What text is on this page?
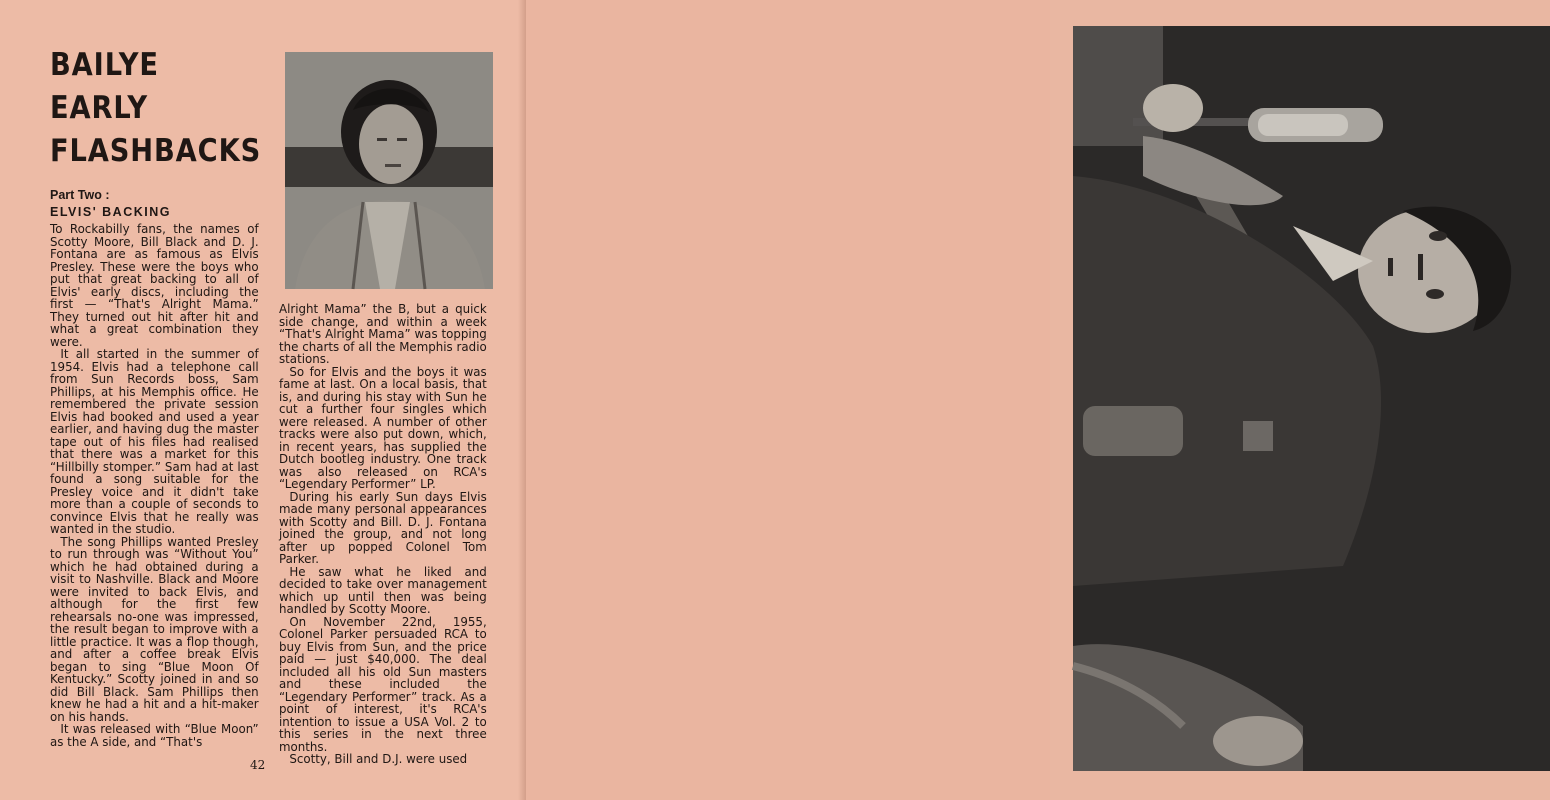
BAILYE
EARLY
FLASHBACKS
Part Two :
ELVIS' BACKING

To Rockabilly fans, the names of Scotty Moore, Bill Black and D. J. Fontana are as famous as Elvis Presley. These were the boys who put that great backing to all of Elvis' early discs, including the first — “That's Alright Mama.” They turned out hit after hit and what a great combination they were.

It all started in the summer of 1954. Elvis had a telephone call from Sun Records boss, Sam Phillips, at his Memphis office. He remembered the private session Elvis had booked and used a year earlier, and having dug the master tape out of his files had realised that there was a market for this “Hillbilly stomper.” Sam had at last found a song suitable for the Presley voice and it didn't take more than a couple of seconds to convince Elvis that he really was wanted in the studio.

The song Phillips wanted Presley to run through was “Without You” which he had obtained during a visit to Nashville. Black and Moore were invited to back Elvis, and although for the first few rehearsals no-one was impressed, the result began to improve with a little practice. It was a flop though, and after a coffee break Elvis began to sing “Blue Moon Of Kentucky.” Scotty joined in and so did Bill Black. Sam Phillips then knew he had a hit and a hit-maker on his hands.

It was released with “Blue Moon” as the A side, and “That's

Alright Mama” the B, but a quick side change, and within a week “That's Alright Mama” was topping the charts of all the Memphis radio stations.

So for Elvis and the boys it was fame at last. On a local basis, that is, and during his stay with Sun he cut a further four singles which were released. A number of other tracks were also put down, which, in recent years, has supplied the Dutch bootleg industry. One track was also released on RCA's “Legendary Performer” LP.

During his early Sun days Elvis made many personal appearances with Scotty and Bill. D. J. Fontana joined the group, and not long after up popped Colonel Tom Parker.

He saw what he liked and decided to take over management which up until then was being handled by Scotty Moore.

On November 22nd, 1955, Colonel Parker persuaded RCA to buy Elvis from Sun, and the price paid — just $40,000. The deal included all his old Sun masters and these included the “Legendary Performer” track. As a point of interest, it's RCA's intention to issue a USA Vol. 2 to this series in the next three months.

Scotty, Bill and D.J. were used

42
